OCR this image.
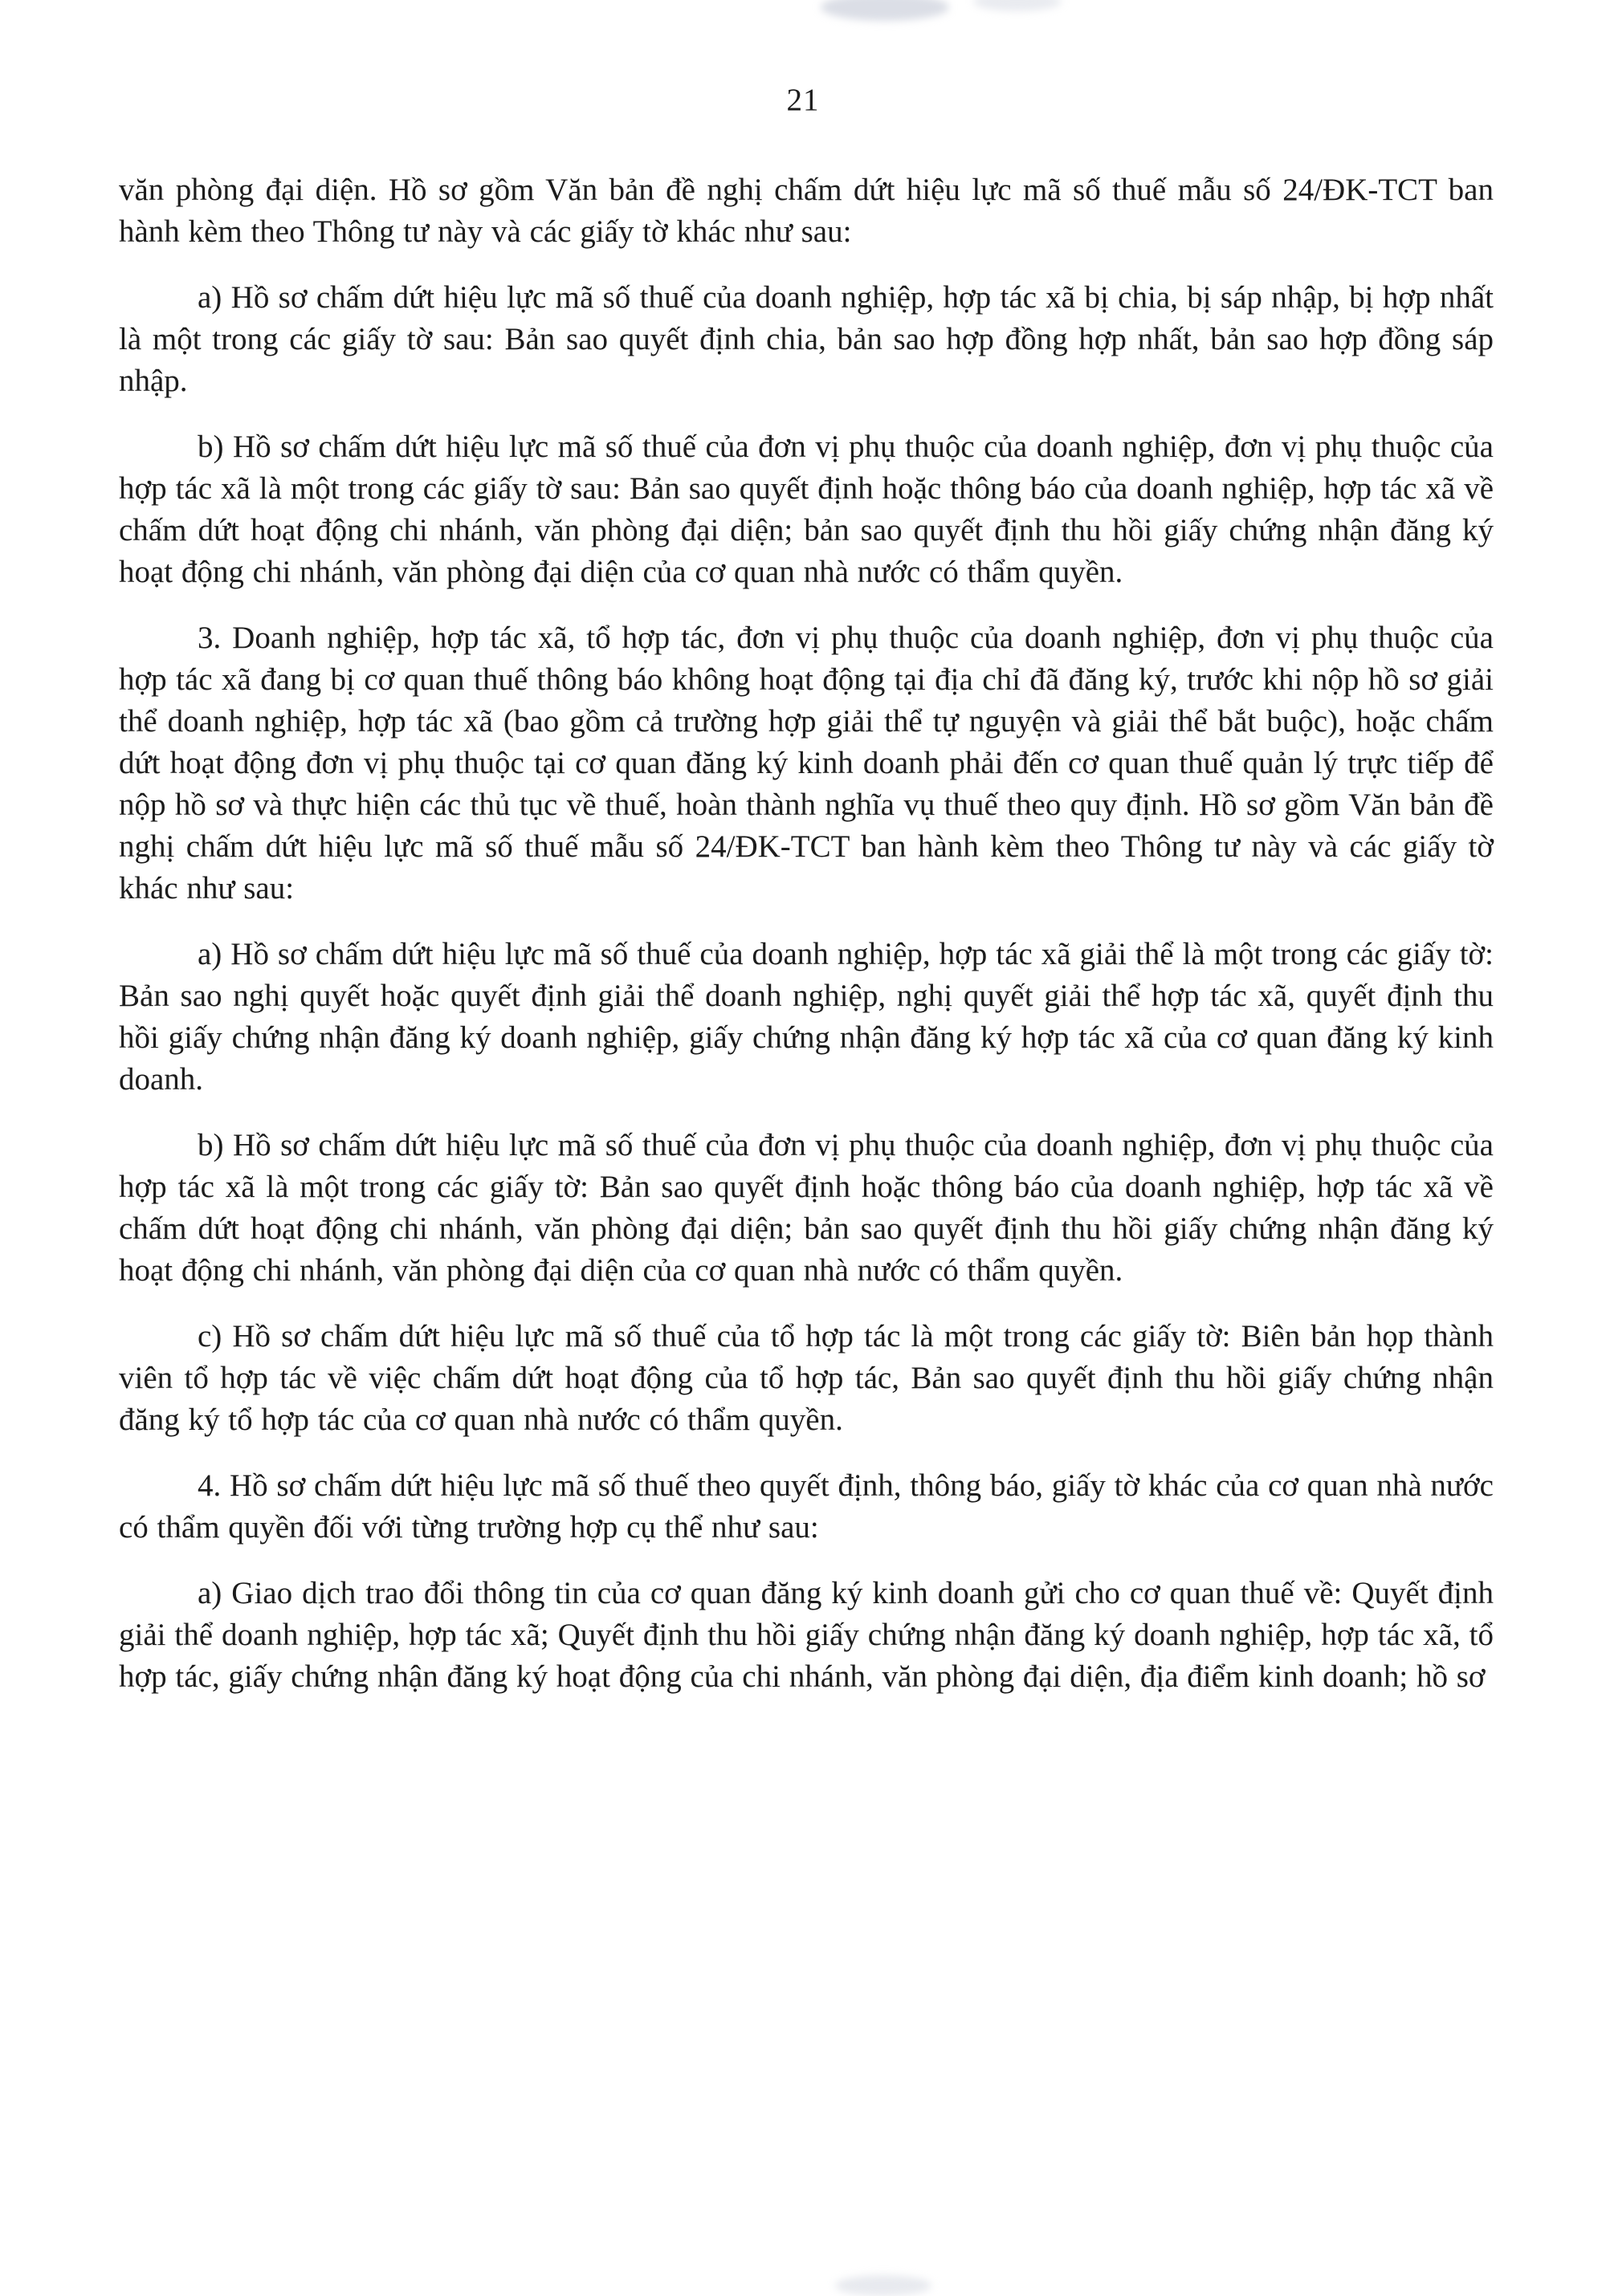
21

văn phòng đại diện. Hồ sơ gồm Văn bản đề nghị chấm dứt hiệu lực mã số thuế mẫu số 24/ĐK-TCT ban hành kèm theo Thông tư này và các giấy tờ khác như sau:

a) Hồ sơ chấm dứt hiệu lực mã số thuế của doanh nghiệp, hợp tác xã bị chia, bị sáp nhập, bị hợp nhất là một trong các giấy tờ sau: Bản sao quyết định chia, bản sao hợp đồng hợp nhất, bản sao hợp đồng sáp nhập.

b) Hồ sơ chấm dứt hiệu lực mã số thuế của đơn vị phụ thuộc của doanh nghiệp, đơn vị phụ thuộc của hợp tác xã là một trong các giấy tờ sau: Bản sao quyết định hoặc thông báo của doanh nghiệp, hợp tác xã về chấm dứt hoạt động chi nhánh, văn phòng đại diện; bản sao quyết định thu hồi giấy chứng nhận đăng ký hoạt động chi nhánh, văn phòng đại diện của cơ quan nhà nước có thẩm quyền.

3. Doanh nghiệp, hợp tác xã, tổ hợp tác, đơn vị phụ thuộc của doanh nghiệp, đơn vị phụ thuộc của hợp tác xã đang bị cơ quan thuế thông báo không hoạt động tại địa chỉ đã đăng ký, trước khi nộp hồ sơ giải thể doanh nghiệp, hợp tác xã (bao gồm cả trường hợp giải thể tự nguyện và giải thể bắt buộc), hoặc chấm dứt hoạt động đơn vị phụ thuộc tại cơ quan đăng ký kinh doanh phải đến cơ quan thuế quản lý trực tiếp để nộp hồ sơ và thực hiện các thủ tục về thuế, hoàn thành nghĩa vụ thuế theo quy định. Hồ sơ gồm Văn bản đề nghị chấm dứt hiệu lực mã số thuế mẫu số 24/ĐK-TCT ban hành kèm theo Thông tư này và các giấy tờ khác như sau:

a) Hồ sơ chấm dứt hiệu lực mã số thuế của doanh nghiệp, hợp tác xã giải thể là một trong các giấy tờ: Bản sao nghị quyết hoặc quyết định giải thể doanh nghiệp, nghị quyết giải thể hợp tác xã, quyết định thu hồi giấy chứng nhận đăng ký doanh nghiệp, giấy chứng nhận đăng ký hợp tác xã của cơ quan đăng ký kinh doanh.

b) Hồ sơ chấm dứt hiệu lực mã số thuế của đơn vị phụ thuộc của doanh nghiệp, đơn vị phụ thuộc của hợp tác xã là một trong các giấy tờ: Bản sao quyết định hoặc thông báo của doanh nghiệp, hợp tác xã về chấm dứt hoạt động chi nhánh, văn phòng đại diện; bản sao quyết định thu hồi giấy chứng nhận đăng ký hoạt động chi nhánh, văn phòng đại diện của cơ quan nhà nước có thẩm quyền.

c) Hồ sơ chấm dứt hiệu lực mã số thuế của tổ hợp tác là một trong các giấy tờ: Biên bản họp thành viên tổ hợp tác về việc chấm dứt hoạt động của tổ hợp tác, Bản sao quyết định thu hồi giấy chứng nhận đăng ký tổ hợp tác của cơ quan nhà nước có thẩm quyền.

4. Hồ sơ chấm dứt hiệu lực mã số thuế theo quyết định, thông báo, giấy tờ khác của cơ quan nhà nước có thẩm quyền đối với từng trường hợp cụ thể như sau:

a) Giao dịch trao đổi thông tin của cơ quan đăng ký kinh doanh gửi cho cơ quan thuế về: Quyết định giải thể doanh nghiệp, hợp tác xã; Quyết định thu hồi giấy chứng nhận đăng ký doanh nghiệp, hợp tác xã, tổ hợp tác, giấy chứng nhận đăng ký hoạt động của chi nhánh, văn phòng đại diện, địa điểm kinh doanh; hồ sơ
